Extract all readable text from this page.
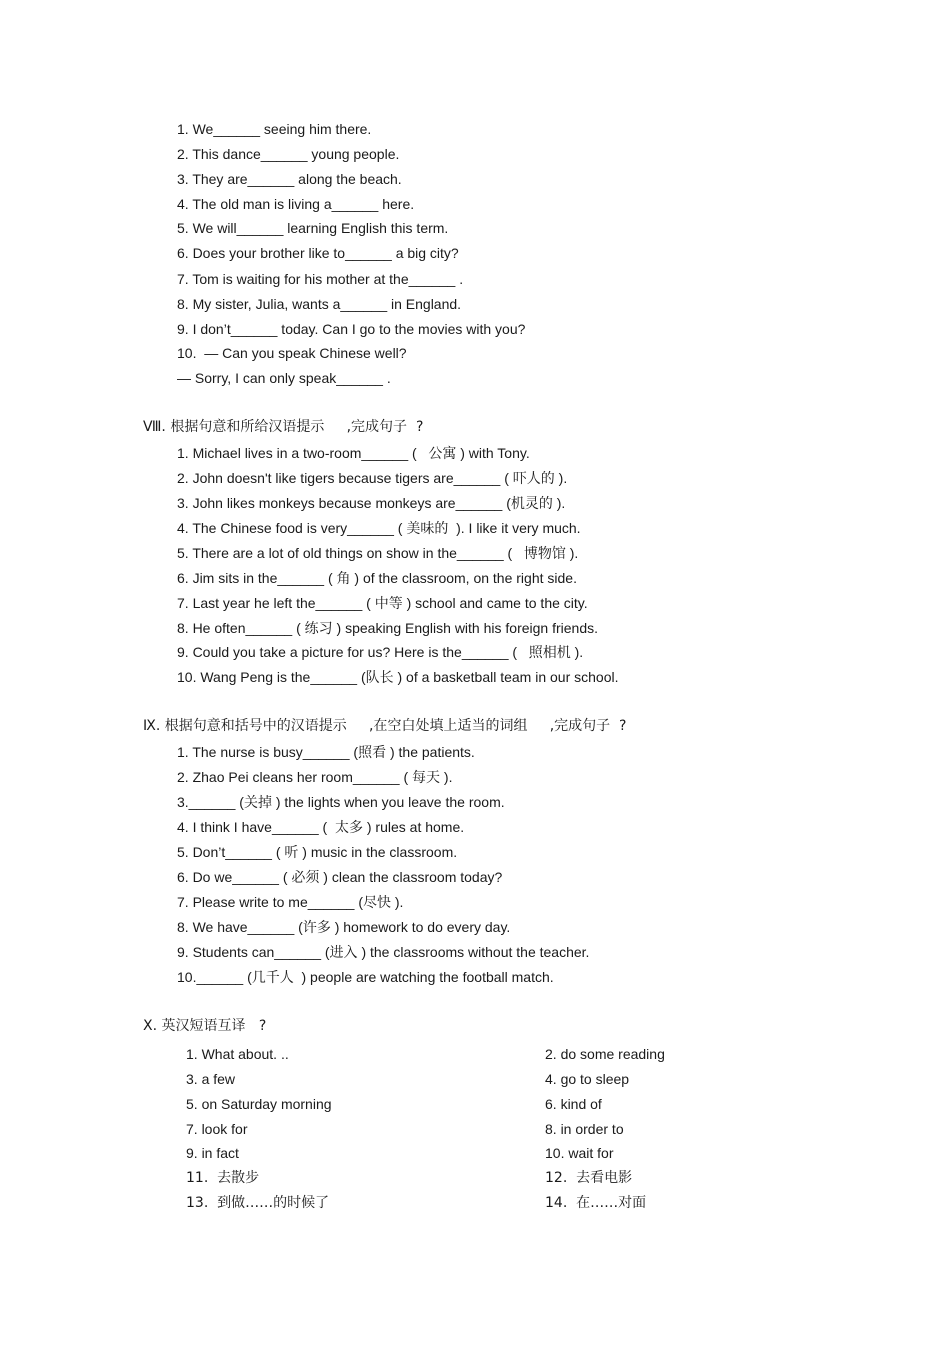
1. We______ seeing him there.
2. This dance______ young people.
3. They are______ along the beach.
4. The old man is living a______ here.
5. We will______ learning English this term.
6. Does your brother like to______ a big city?
7. Tom is waiting for his mother at the______ .
8. My sister, Julia, wants a______ in England.
9. I don’t______ today. Can I go to the movies with you?
10.  — Can you speak Chinese well?
— Sorry, I can only speak______ .
Ⅷ. 根据句意和所给汉语提示     ,完成句子  ?
1. Michael lives in a two-room______ (   公寓 ) with Tony.
2. John doesn't like tigers because tigers are______ ( 吓人的 ).
3. John likes monkeys because monkeys are______ (机灵的 ).
4. The Chinese food is very______ ( 美味的  ). I like it very much.
5. There are a lot of old things on show in the______ (   博物馆 ).
6. Jim sits in the______ ( 角 ) of the classroom, on the right side.
7. Last year he left the______ ( 中等 ) school and came to the city.
8. He often______ ( 练习 ) speaking English with his foreign friends.
9. Could you take a picture for us? Here is the______ (   照相机 ).
10. Wang Peng is the______ (队长 ) of a basketball team in our school.
Ⅸ. 根据句意和括号中的汉语提示     ,在空白处填上适当的词组     ,完成句子  ?
1. The nurse is busy______ (照看 ) the patients.
2. Zhao Pei cleans her room______ ( 每天 ).
3.______ (关掉 ) the lights when you leave the room.
4. I think I have______ (  太多 ) rules at home.
5. Don’t______ ( 听 ) music in the classroom.
6. Do we______ ( 必须 ) clean the classroom today?
7. Please write to me______ (尽快 ).
8. We have______ (许多 ) homework to do every day.
9. Students can______ (进入 ) the classrooms without the teacher.
10.______ (几千人  ) people are watching the football match.
Ⅹ. 英汉短语互译   ?
1. What about. ..
3. a few
5. on Saturday morning
7. look for
9. in fact
11.  去散步
13.  到做……的时候了
2. do some reading
4. go to sleep
6. kind of
8. in order to
10. wait for
12.  去看电影
14.  在……对面
